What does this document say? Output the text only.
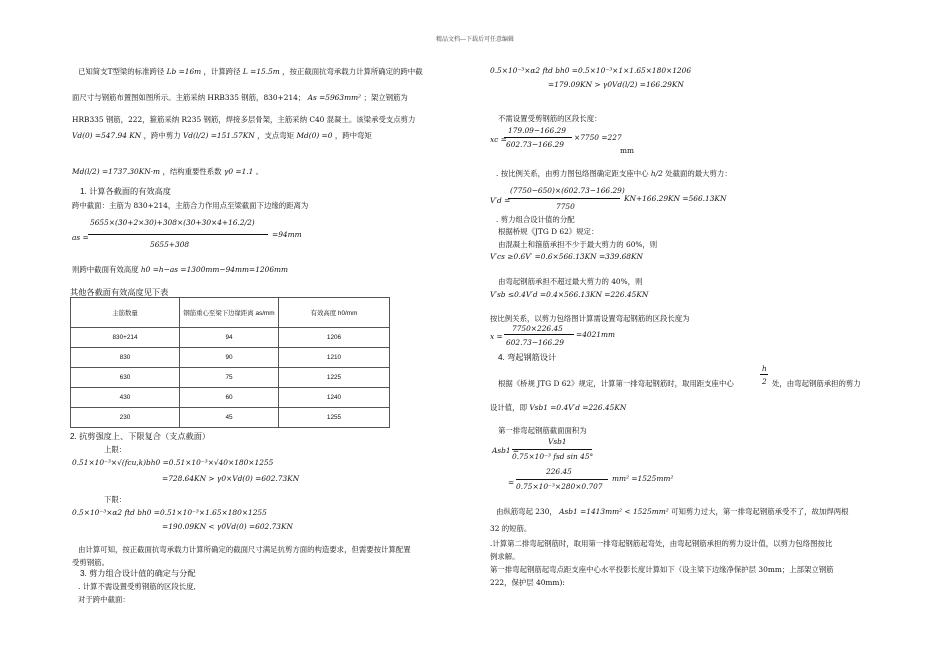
精品文档---下载后可任意编辑
已知简支T型梁的标准跨径 Lb =16m ，计算跨径 L =15.5m ，按正截面抗弯承载力计算所确定的跨中截
面尺寸与钢筋布置图如图所示。主筋采纳 HRB335 钢筋，830+214； As =5963mm² ；架立钢筋为
HRB335 钢筋，222，箍筋采纳 R235 钢筋，焊接多层骨架，主筋采纳 C40 混凝土。该梁承受支点剪力
Vd(0) =547.94 KN ，跨中剪力 Vd(l/2) =151.57KN ，支点弯矩 Md(0) =0 ，跨中弯矩
Md(l/2) =1737.30KN·m ，结构重要性系数 γ0 =1.1 。
1. 计算各截面的有效高度
跨中截面：主筋为 830+214，主筋合力作用点至梁截面下边缘的距离为
as =
5655×(30+2×30)+308×(30+30×4+16.2/2)
5655+308
=94mm
则跨中截面有效高度 h0 =h−as =1300mm−94mm=1206mm
其他各截面有效高度见下表
主筋数量	钢筋重心至梁下边缘距离 as/mm	有效高度 h0/mm
830+214	94	1206
830	90	1210
630	75	1225
430	60	1240
230	45	1255
2. 抗剪强度上、下限复合（支点截面）
上限：
0.51×10⁻³×√(fcu,k)bh0 =0.51×10⁻³×√40×180×1255
=728.64KN > γ0×Vd(0) =602.73KN
下限：
0.5×10⁻³×α2 ftd bh0 =0.51×10⁻³×1.65×180×1255
=190.09KN < γ0Vd(0) =602.73KN
由计算可知，按正截面抗弯承载力计算所确定的截面尺寸满足抗剪方面的构造要求，但需要按计算配置
受剪钢筋。
3. 剪力组合设计值的确定与分配
. 计算不需设置受剪钢筋的区段长度,
对于跨中截面：
0.5×10⁻³×α2 ftd bh0 =0.5×10⁻³×1×1.65×180×1206
=179.09KN > γ0Vd(l/2) =166.29KN
不需设置受剪钢筋的区段长度：
xc =
179.09−166.29
602.73−166.29
×7750 =227
mm
. 按比例关系，由剪力图包络图确定距支座中心 h/2 处截面的最大剪力：
V′d =
(7750−650)×(602.73−166.29)
7750
KN+166.29KN =566.13KN
. 剪力组合设计值的分配
根据桥规《JTG D 62》规定：
由混凝土和箍筋承担不少于最大剪力的 60%，则
V′cs ≥0.6V′ =0.6×566.13KN =339.68KN
由弯起钢筋承担不超过最大剪力的 40%，则
V′sb ≤0.4V′d =0.4×566.13KN =226.45KN
按比例关系，以剪力包络图计算需设置弯起钢筋的区段长度为
x =
7750×226.45
602.73−166.29
=4021mm
4. 弯起钢筋设计
根据《桥规 JTG D 62》规定，计算第一排弯起钢筋时，取用距支座中心
h
2 处，由弯起钢筋承担的剪力
设计值，即 Vsb1 =0.4V′d =226.45KN
第一排弯起钢筋截面面积为
Asb1 =
Vsb1
0.75×10⁻³ fsd sin 45°
=
226.45
0.75×10⁻³×280×0.707
mm² =1525mm²
由纵筋弯起 230， Asb1 =1413mm² < 1525mm² 可知剪力过大，第一排弯起钢筋承受不了，故加焊两根
32 的短筋。
.计算第二排弯起钢筋时，取用第一排弯起钢筋起弯处，由弯起钢筋承担的剪力设计值，以剪力包络图按比
例求解。
第一排弯起钢筋起弯点距支座中心水平投影长度计算如下（设主梁下边缘净保护层 30mm；上部架立钢筋
222，保护层 40mm):
